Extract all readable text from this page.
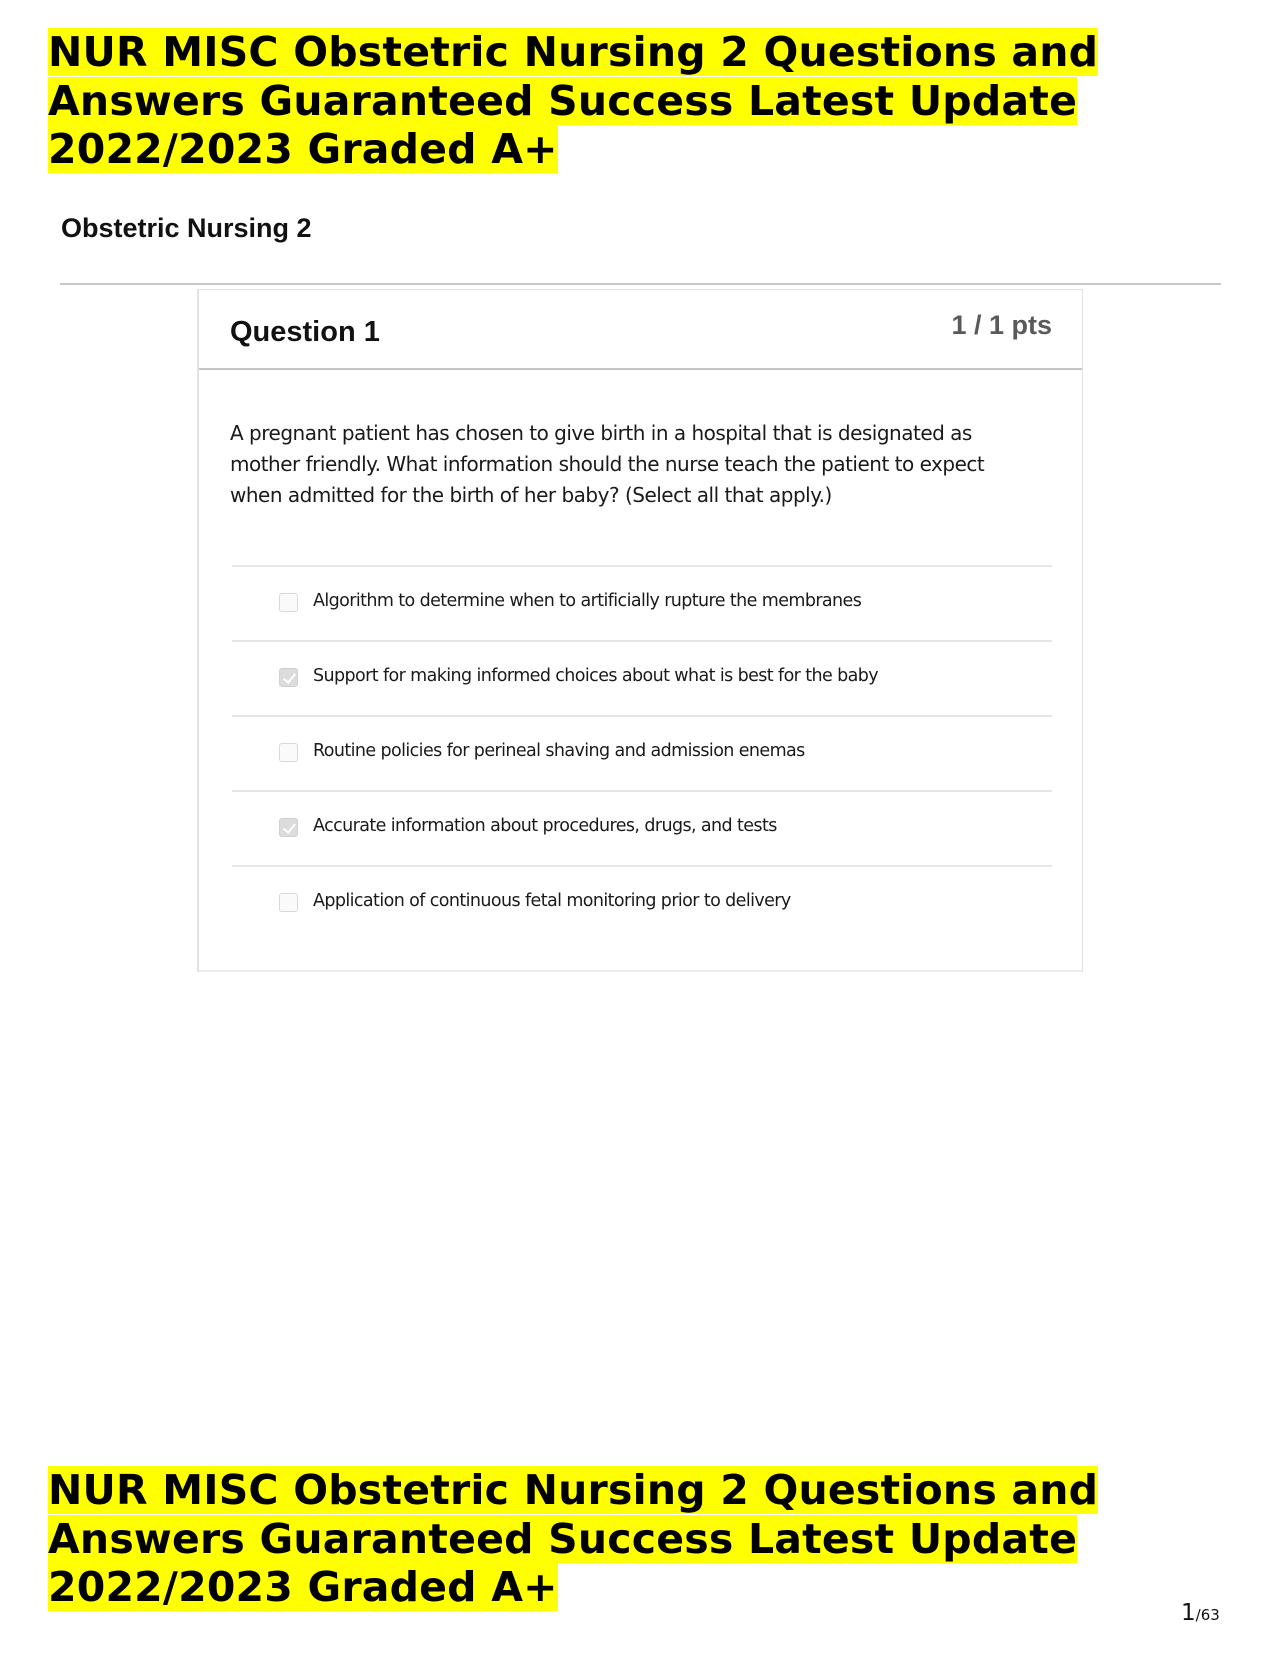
NUR MISC Obstetric Nursing 2 Questions and Answers Guaranteed Success Latest Update 2022/2023 Graded A+
Obstetric Nursing 2
Question 1	1 / 1 pts
A pregnant patient has chosen to give birth in a hospital that is designated as mother friendly. What information should the nurse teach the patient to expect when admitted for the birth of her baby? (Select all that apply.)
Algorithm to determine when to artificially rupture the membranes
Support for making informed choices about what is best for the baby
Routine policies for perineal shaving and admission enemas
Accurate information about procedures, drugs, and tests
Application of continuous fetal monitoring prior to delivery
NUR MISC Obstetric Nursing 2 Questions and Answers Guaranteed Success Latest Update 2022/2023 Graded A+
1/63
